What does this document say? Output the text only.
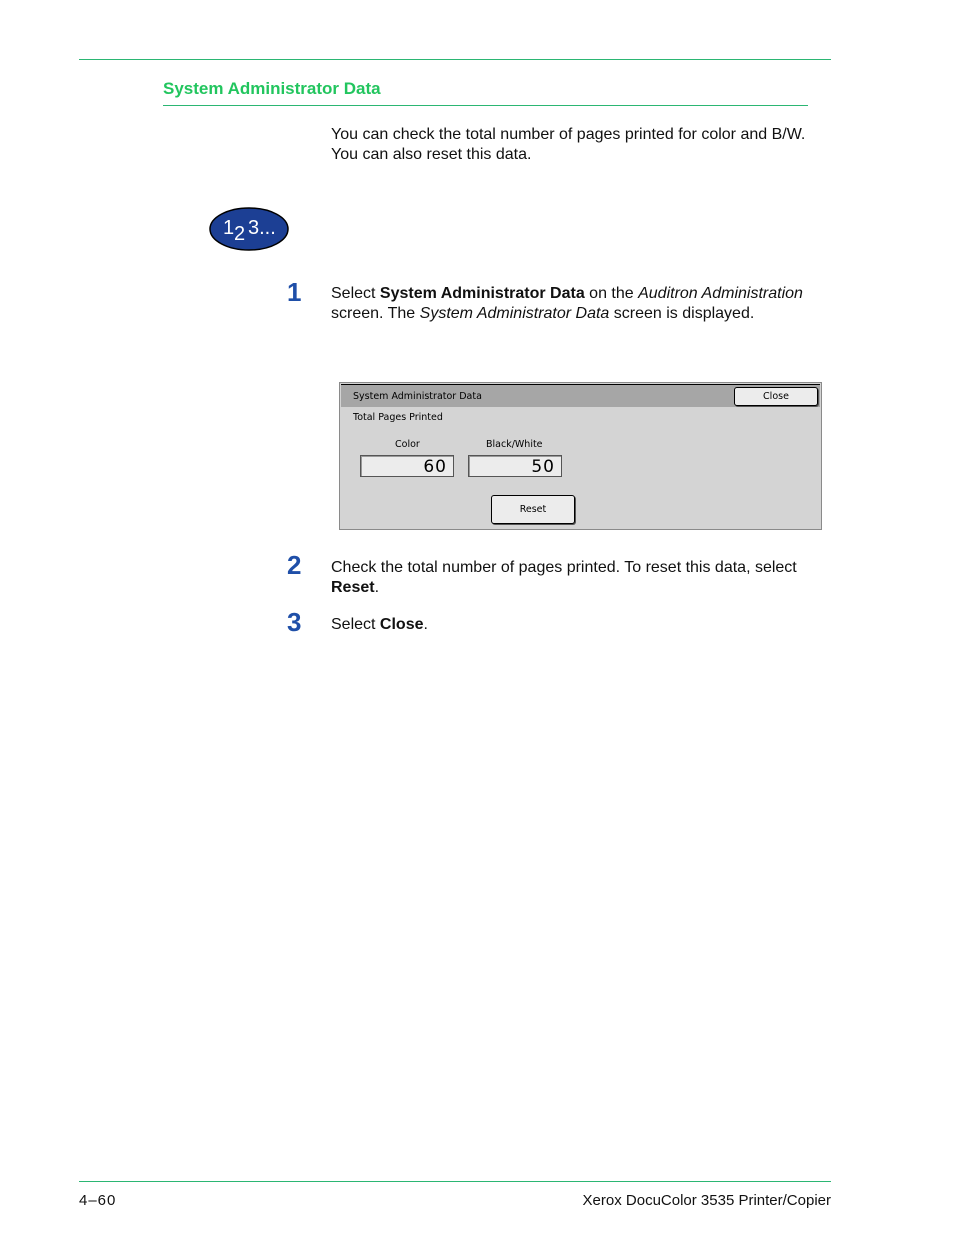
System Administrator Data
You can check the total number of pages printed for color and B/W. You can also reset this data.
1 2 3...
1 Select System Administrator Data on the Auditron Administration screen. The System Administrator Data screen is displayed.
System Administrator Data	Close
Total Pages Printed
Color	Black/White
60	50
Reset
2 Check the total number of pages printed. To reset this data, select Reset.
3 Select Close.
4–60	Xerox DocuColor 3535 Printer/Copier
